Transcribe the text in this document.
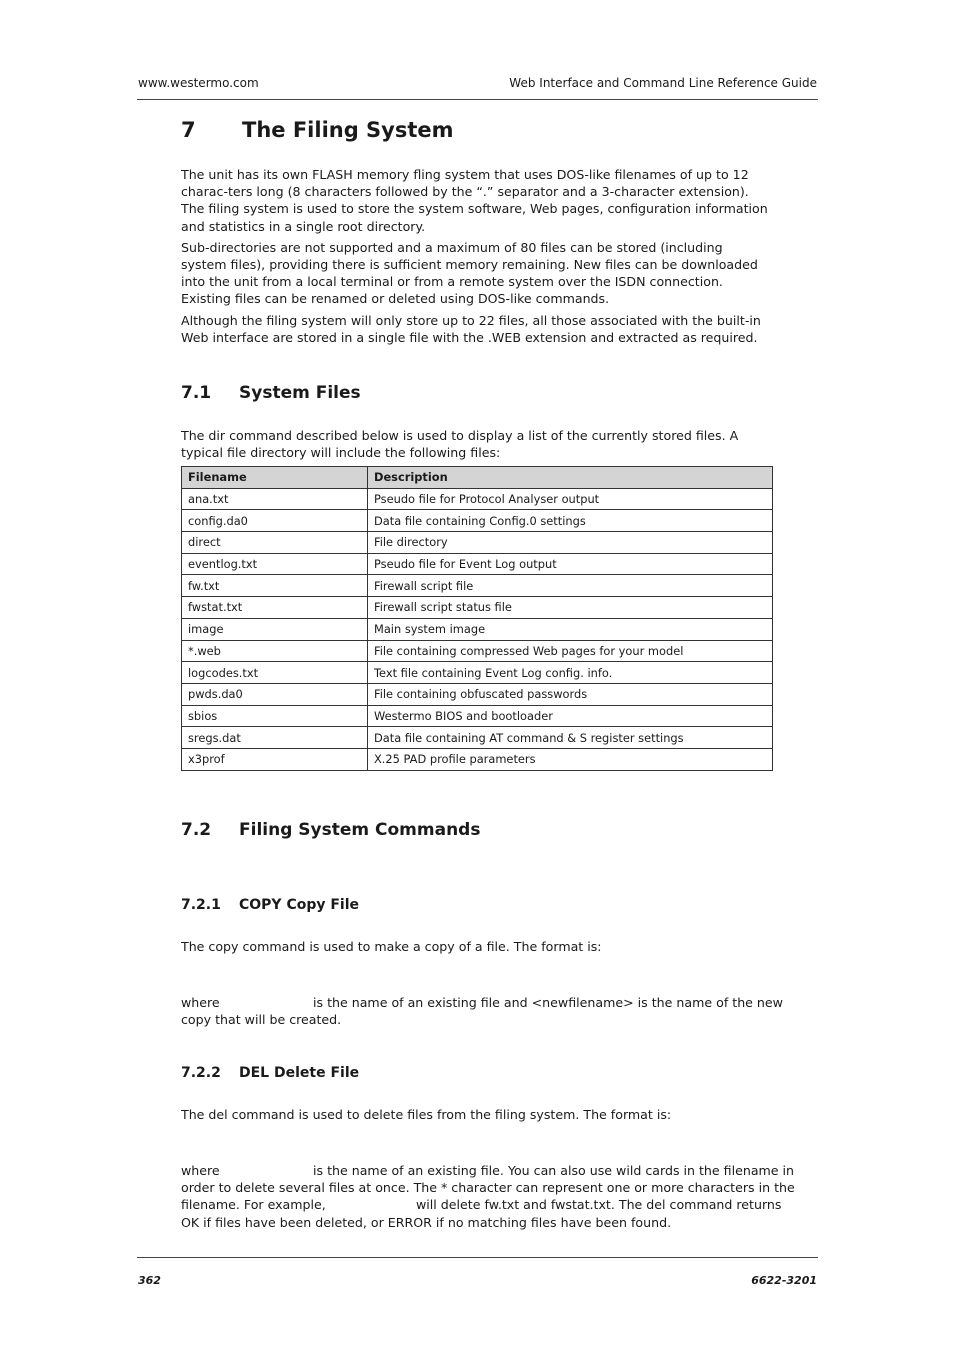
www.westermo.com	Web Interface and Command Line Reference Guide
7 The Filing System

The unit has its own FLASH memory fling system that uses DOS-like filenames of up to 12 charac-ters long (8 characters followed by the “.” separator and a 3-character extension). The filing system is used to store the system software, Web pages, configuration information and statistics in a single root directory.

Sub-directories are not supported and a maximum of 80 files can be stored (including system files), providing there is sufficient memory remaining. New files can be downloaded into the unit from a local terminal or from a remote system over the ISDN connection. Existing files can be renamed or deleted using DOS-like commands.

Although the filing system will only store up to 22 files, all those associated with the built-in Web interface are stored in a single file with the .WEB extension and extracted as required.

7.1 System Files
The dir command described below is used to display a list of the currently stored files. A typical file directory will include the following files:
Filename	Description
ana.txt	Pseudo file for Protocol Analyser output
config.da0	Data file containing Config.0 settings
direct	File directory
eventlog.txt	Pseudo file for Event Log output
fw.txt	Firewall script file
fwstat.txt	Firewall script status file
image	Main system image
*.web	File containing compressed Web pages for your model
logcodes.txt	Text file containing Event Log config. info.
pwds.da0	File containing obfuscated passwords
sbios	Westermo BIOS and bootloader
sregs.dat	Data file containing AT command & S register settings
x3prof	X.25 PAD profile parameters
7.2 Filing System Commands
7.2.1 COPY Copy File
The copy command is used to make a copy of a file. The format is:
where	is the name of an existing file and <newfilename> is the name of the new
copy that will be created.
7.2.2 DEL Delete File
The del command is used to delete files from the filing system. The format is:
where	is the name of an existing file. You can also use wild cards in the filename in
order to delete several files at once. The * character can represent one or more characters in the
filename. For example,	will delete fw.txt and fwstat.txt. The del command returns
OK if files have been deleted, or ERROR if no matching files have been found.
362	6622-3201
